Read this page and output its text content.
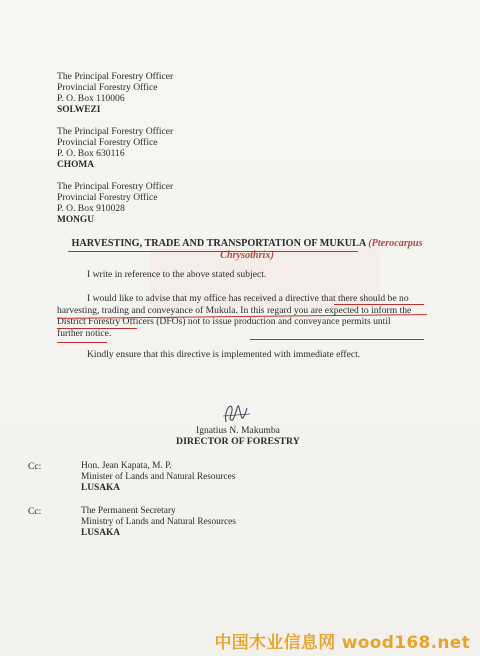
The Principal Forestry Officer
Provincial Forestry Office
P. O. Box 110006
SOLWEZI
The Principal Forestry Officer
Provincial Forestry Office
P. O. Box 630116
CHOMA
The Principal Forestry Officer
Provincial Forestry Office
P. O. Box 910028
MONGU
HARVESTING, TRADE AND TRANSPORTATION OF MUKULA (Pterocarpus
Chrysothrix)
I write in reference to the above stated subject.
I would like to advise that my office has received a directive that there should be no
harvesting, trading and conveyance of Mukula. In this regard you are expected to inform the
District Forestry Officers (DFOs) not to issue production and conveyance permits until
further notice.
Kindly ensure that this directive is implemented with immediate effect.
Ignatius N. Makumba
DIRECTOR OF FORESTRY
Cc:	Hon. Jean Kapata, M. P.
Minister of Lands and Natural Resources
LUSAKA
Cc:	The Permanent Secretary
Ministry of Lands and Natural Resources
LUSAKA
中国木业信息网 wood168.net
